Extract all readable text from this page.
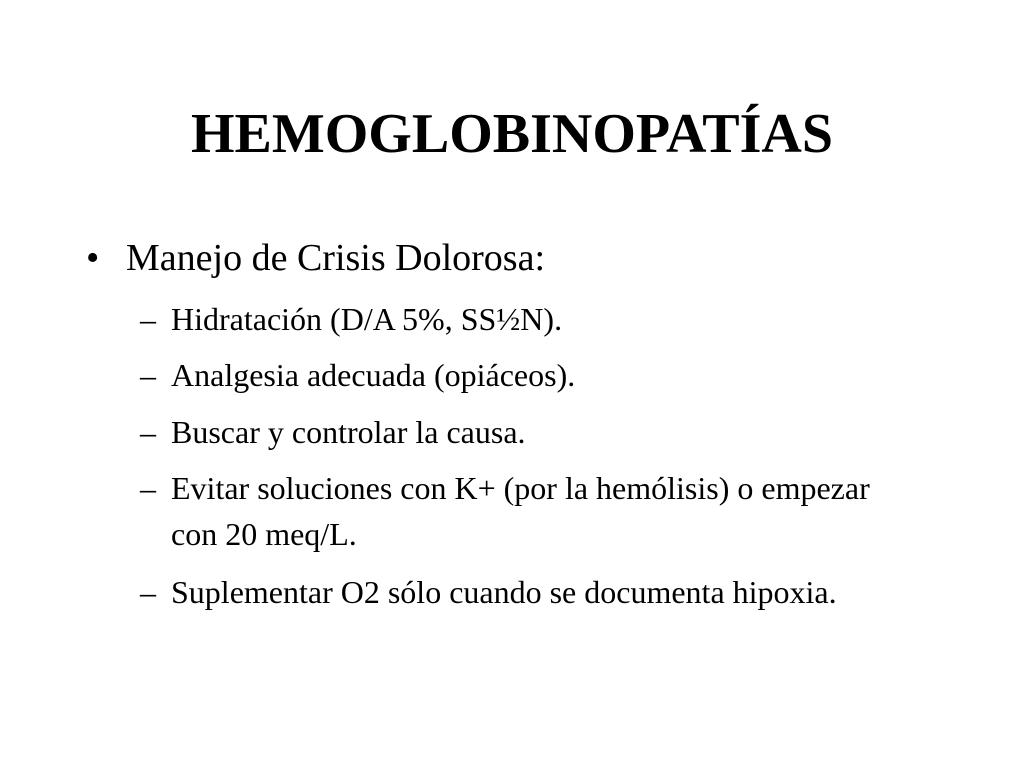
HEMOGLOBINOPATÍAS
• Manejo de Crisis Dolorosa:
– Hidratación (D/A 5%, SS½N).
– Analgesia adecuada (opiáceos).
– Buscar y controlar la causa.
– Evitar soluciones con K+ (por la hemólisis) o empezar con 20 meq/L.
– Suplementar O2 sólo cuando se documenta hipoxia.
